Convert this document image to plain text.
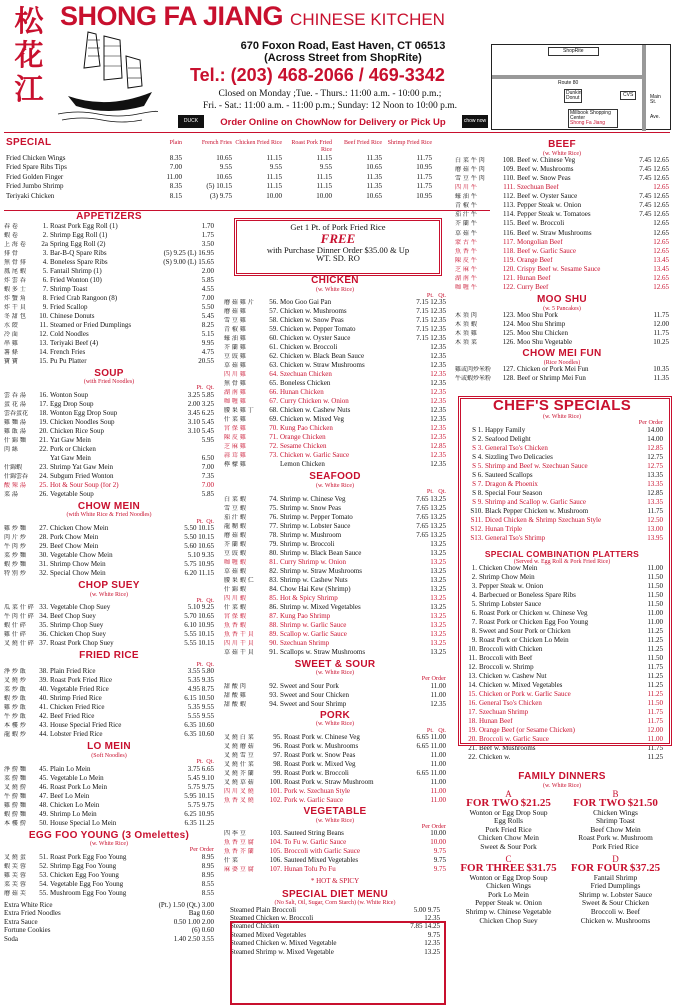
松
花
江
SHONG FA JIANG CHINESE KITCHEN
670 Foxon Road, East Haven, CT 06513
(Across Street from ShopRite)
Tel.: (203) 468-2066 / 469-3342
Closed on Monday ;Tue. - Thurs.: 11:00 a.m. - 10:00 p.m.;
Fri. - Sat.: 11:00 a.m. - 11:00 p.m.; Sunday: 12 Noon to 10:00 p.m.
DUCK	Order Online on ChowNow for Delivery or Pick Up	chow now
ShopRite
Route 80
Dunkin Donut	CVS
Millbook Shopping Center
Shong Fa Jiang
Main St.
Ave.
SPECIAL	Plain	French Fries Chicken Fried Rice	Roast Pork Fried Rice
Beef Fried Rice Shrimp Fried Rice
Fried Chicken Wings	8.35	10.65	11.15	11.15	11.35	11.75
Fried Spare Ribs Tips	7.00	9.55	9.55	9.55	10.65	10.95
Fried Golden Finger	11.00	10.65	11.15	11.15	11.35	11.75
Fried Jumbo Shrimp	8.35	(5) 10.15	11.15	11.15	11.35	11.75
Teriyaki Chicken	8.15	(3) 9.75	10.00	10.00	10.65	10.95
APPETIZERS
春 卷	1. Roast Pork Egg Roll (1)	1.70
蝦 卷	2. Shrimp Egg Roll (1)	1.75
上 海 卷	2a Spring Egg Roll (2)	3.50
排 骨	3. Bar-B-Q Spare Ribs	(5) 9.25 (L) 16.95
無 骨 排	4. Boneless Spare Ribs	(S) 9.00 (L) 15.65
鳳 尾 蝦	5. Fantail Shrimp (1)	2.00
炸 雲 吞	6. Fried Wonton (10)	5.85
蝦 多 士	7. Shrimp Toast	4.55
炸 蟹 角	8. Fried Crab Rangoon (8)	7.00
炸 干 貝	9. Fried Scallop	5.50
冬 甜 包	10. Chinese Donuts	5.45
水 餃	11. Steamed or Fried Dumplings	8.25
冷 面	12. Cold Noodles	5.15
串 雞	13. Teriyaki Beef (4)	9.95
薯 條	14. French Fries	4.75
寶 寶	15. Pu Pu Platter	20.55
SOUP
(with Fried Noodles)
Pt.  Qt.
雲 吞 湯	16. Wonton Soup	3.25 5.85
蛋 花 湯	17. Egg Drop Soup	2.00 3.25
雲吞蛋花	18. Wonton Egg Drop Soup	3.45 6.25
雞 麵 湯	19. Chicken Noodles Soup	3.10 5.45
雞 飯 湯	20. Chicken Rice Soup	3.10 5.45
什 錦 麵	21. Yat Gaw Mein	5.95
肉 絲	22. Pork or Chicken
Yat Gaw Mein	6.50
什錦蝦	23. Shrimp Yat Gaw Mein	7.00
什錦雲吞	24. Subgum Fried Wonton	7.35
酸 辣 湯	25. Hot & Sour Soup (for 2)	7.00
菜 湯	26. Vegetable Soup	5.85
CHOW MEIN
(with White Rice & Fried Noodles)
Pt.  Qt.
雞 炒 麵	27. Chicken Chow Mein	5.50 10.15
肉 片 炒	28. Pork Chow Mein	5.50 10.15
牛 肉 炒	29. Beef Chow Mein	5.60 10.65
菜 炒 麵	30. Vegetable Chow Mein	5.10 9.35
蝦 炒 麵	31. Shrimp Chow Mein	5.75 10.95
特 別 炒	32. Special Chow Mein	6.20 11.15
CHOP SUEY
(w. White Rice)
Pt.  Qt.
瓜 菜 什 碎 33. Vegetable Chop Suey	5.10 9.25
牛 肉 什 碎 34. Beef Chop Suey	5.70 10.65
蝦 什 碎	35. Shrimp Chop Suey	6.10 10.95
雞 什 碎	36. Chicken Chop Suey	5.55 10.15
叉 燒 什 碎 37. Roast Pork Chop Suey	5.55 10.15
FRIED RICE
Pt.  Qt.
淨 炒 飯	38. Plain Fried Rice	3.55 5.80
叉 燒 炒	39. Roast Pork Fried Rice	5.35 9.35
菜 炒 飯	40. Vegetable Fried Rice	4.95 8.75
蝦 炒 飯	40. Shrimp Fried Rice	6.15 10.50
雞 炒 飯	41. Chicken Fried Rice	5.35 9.55
牛 炒 飯	42. Beef Fried Rice	5.55 9.55
本 樓 炒	43. House Special Fried Rice	6.35 10.60
龍 蝦 炒	44. Lobster Fried Rice	6.35 10.60
LO MEIN
(Soft Noodles)
Pt.  Qt.
淨 撈 麵	45. Plain Lo Mein	3.75 6.65
菜 撈 麵	45. Vegetable Lo Mein	5.45 9.10
叉 燒 撈	46. Roast Pork Lo Mein	5.75 9.75
牛 撈 麵	47. Beef Lo Mein	5.95 10.15
雞 撈 麵	48. Chicken Lo Mein	5.75 9.75
蝦 撈 麵	49. Shrimp Lo Mein	6.25 10.95
本 樓 撈	50. House Special Lo Mein	6.35 11.25
EGG FOO YOUNG (3 Omelettes)
(w. White Rice)
Per Order
叉 燒 蛋	51. Roast Pork Egg Foo Young	8.95
蝦 芙 蓉	52. Shrimp Egg Foo Young	8.95
雞 芙 蓉	53. Chicken Egg Foo Young	8.95
菜 芙 蓉	54. Vegetable Egg Foo Young	8.55
蘑 菇 芙	55. Mushroom Egg Foo Young	8.55
Extra White Rice	(Pt.) 1.50 (Qt.) 3.00
Extra Fried Noodles	Bag 0.60
Extra Sauce	0.50 1.00 2.00
Fortune Cookies	(6) 0.60
Soda	1.40 2.50 3.55
CHICKEN
(w. White Rice)
Pt.   Qt.
蘑 菇 雞 片	56. Moo Goo Gai Pan	7.15 12.35
蘑 菇 雞	57. Chicken w. Mushrooms	7.15 12.35
雪 豆 雞	58. Chicken w. Snow Peas	7.15 12.35
青 椒 雞	59. Chicken w. Pepper Tomato	7.15 12.35
蠔 油 雞	60. Chicken w. Oyster Sauce	7.15 12.35
芥 蘭 雞	61. Chicken w. Broccoli	12.35
豆 豉 雞	62. Chicken w. Black Bean Sauce	12.35
草 菇 雞	63. Chicken w. Straw Mushrooms	12.35
四 川 雞	64. Szechuan Chicken	12.35
無 骨 雞	65. Boneless Chicken	12.35
湖 南 雞	66. Hunan Chicken	12.35
咖 喱 雞	67. Curry Chicken w. Onion	12.35
腰 果 雞 丁	68. Chicken w. Cashew Nuts	12.35
什 菜 雞	69. Chicken w. Mixed Veg	12.35
宮 保 雞	70. Kung Pao Chicken	12.35
陳 皮 雞	71. Orange Chicken	12.35
芝 麻 雞	72. Sesame Chicken	12.85
蒜 茸 雞	73. Chicken w. Garlic Sauce	12.35
檸 檬 雞	Lemon Chicken	12.35
SEAFOOD
(w. White Rice)
Pt.   Qt.
白 菜 蝦	74. Shrimp w. Chinese Veg	7.65 13.25
雪 豆 蝦	75. Shrimp w. Snow Peas	7.65 13.25
茄 汁 蝦	76. Shrimp w. Pepper Tomato	7.65 13.25
龍 糊 蝦	77. Shrimp w. Lobster Sauce	7.65 13.25
蘑 菇 蝦	78. Shrimp w. Mushroom	7.65 13.25
芥 蘭 蝦	79. Shrimp w. Broccoli	13.25
豆 豉 蝦	80. Shrimp w. Black Bean Sauce	13.25
咖 喱 蝦	81. Curry Shrimp w. Onion	13.25
草 菇 蝦	82. Shrimp w. Straw Mushrooms	13.25
腰 果 蝦 仁	83. Shrimp w. Cashew Nuts	13.25
什 錦 蝦	84. Chow Hai Kew (Shrimp)	13.25
四 川 蝦	85. Hot & Spicy Shrimp	13.25
什 菜 蝦	86. Shrimp w. Mixed Vegetables	13.25
宮 保 蝦	87. Kung Pao Shrimp	13.25
魚 香 蝦	88. Shrimp w. Garlic Sauce	13.25
魚 香 干 貝	89. Scallop w. Garlic Sauce	13.25
四 川 干 貝	90. Szechuan Shrimp	13.25
草 菇 干 貝	91. Scallops w. Straw Mushrooms	13.25
SWEET & SOUR
(w. White Rice)
Per Order
甜 酸 肉	92. Sweet and Sour Pork	11.00
甜 酸 雞	93. Sweet and Sour Chicken	11.00
甜 酸 蝦	94. Sweet and Sour Shrimp	12.35
PORK
(w. White Rice)
Pt.   Qt.
叉 燒 白 菜	95. Roast Pork w. Chinese Veg	6.65 11.00
叉 燒 蘑 菇	96. Roast Pork w. Mushrooms	6.65 11.00
叉 燒 雪 豆	97. Roast Pork w. Snow Peas	11.00
叉 燒 什 菜	98. Roast Pork w. Mixed Veg	11.00
叉 燒 芥 蘭	99. Roast Pork w. Broccoli	6.65 11.00
叉 燒 草 菇	100. Roast Pork w. Straw Mushroom	11.00
四 川 叉 燒	101. Pork w. Szechuan Style	11.00
魚 香 叉 燒	102. Pork w. Garlic Sauce	11.00
VEGETABLE
(w. White Rice)
Per Order
四 季 豆	103. Sauteed String Beans	10.00
魚 香 豆 腐	104. To Fu w. Garlic Sauce	10.00
魚 香 芥 蘭	105. Broccoli with Garlic Sauce	9.75
什 菜	106. Sauteed Mixed Vegetables	9.75
麻 婆 豆 腐	107. Hunan Tofu Po Fu	9.75
* HOT & SPICY
SPECIAL DIET MENU
(No Salt, Oil, Sugar, Corn Starch) (w. White Rice)
Steamed Plain Broccoli	5.00 9.75
Steamed Chicken w. Broccoli	12.35
Steamed Chicken	7.85 14.25
Steamed Mixed Vegetables	9.75
Steamed Chicken w. Mixed Vegetable	12.35
Steamed Shrimp w. Mixed Vegetable	13.25
BEEF
(w. White Rice)
白 菜 牛 肉	108. Beef w. Chinese Veg	7.45 12.65
蘑 菇 牛 肉	109. Beef w. Mushrooms	7.45 12.65
雪 豆 牛 肉	110. Beef w. Snow Peas	7.45 12.65
四 川 牛	111. Szechuan Beef	12.65
蠔 油 牛	112. Beef w. Oyster Sauce	7.45 12.65
青 椒 牛	113. Pepper Steak w. Onion	7.45 12.65
茄 汁 牛	114. Pepper Steak w. Tomatoes	7.45 12.65
芥 蘭 牛	115. Beef w. Broccoli	12.65
草 菇 牛	116. Beef w. Straw Mushrooms	12.65
蒙 古 牛	117. Mongolian Beef	12.65
魚 香 牛	118. Beef w. Garlic Sauce	12.65
陳 皮 牛	119. Orange Beef	13.45
芝 麻 牛	120. Crispy Beef w. Sesame Sauce	13.45
湖 南 牛	121. Hunan Beef	12.65
咖 喱 牛	122. Curry Beef	12.65
MOO SHU
(w. 5 Pancakes)
木 須 肉	123. Moo Shu Pork	11.75
木 須 蝦	124. Moo Shu Shrimp	12.00
木 須 雞	125. Moo Shu Chicken	11.75
木 須 菜	126. Moo Shu Vegetable	10.25
CHOW MEI FUN
(Rice Noodles)
雞或肉炒米粉	127. Chicken or Pork Mei Fun	10.35
牛或蝦炒米粉	128. Beef or Shrimp Mei Fun	11.35
CHEF'S SPECIALS
(w. White Rice)
Per Order
S 1. Happy Family	14.00
S 2. Seafood Delight	14.00
S 3. General Tso's Chicken	12.85
S 4. Sizzling Two Delicacies	12.75
S 5. Shrimp and Beef w. Szechuan Sauce	12.75
S 6. Sauteed Scallops	13.35
S 7. Dragon & Phoenix	13.35
S 8. Special Four Season	12.85
S 9. Shrimp and Scallop w. Garlic Sauce	13.35
S10. Black Pepper Chicken w. Mushroom	11.75
S11. Diced Chicken & Shrimp Szechuan Style	12.50
S12. Hunan Triple	13.00
S13. General Tso's Shrimp	13.95
SPECIAL COMBINATION PLATTERS
(Served w. Egg Roll & Pork Fried Rice)
1. Chicken Chow Mein	11.00
2. Shrimp Chow Mein	11.50
3. Pepper Steak w. Onion	11.50
4. Barbecued or Boneless Spare Ribs	11.50
5. Shrimp Lobster Sauce	11.50
6. Roast Pork or Chicken w. Chinese Veg	11.00
7. Roast Pork or Chicken Egg Foo Young	11.00
8. Sweet and Sour Pork or Chicken	11.25
9. Roast Pork or Chicken Lo Mein	11.25
10. Broccoli with Chicken	11.25
11. Broccoli with Beef	11.50
12. Broccoli w. Shrimp	11.75
13. Chicken w. Cashew Nut	11.25
14. Chicken w. Mixed Vegetables	11.25
15. Chicken or Pork w. Garlic Sauce	11.25
16. General Tso's Chicken	11.50
17. Szechuan Shrimp	11.75
18. Hunan Beef	11.75
19. Orange Beef (or Sesame Chicken)	12.00
20. Broccoli w. Garlic Sauce	11.00
21. Beef w. Mushrooms	11.75
22. Chicken w.	11.25
FAMILY DINNERS
(w. White Rice)
A
FOR TWO $21.25
Wonton or Egg Drop Soup
Egg Rolls
Pork Fried Rice
Chicken Chow Mein
Sweet & Sour Pork
B
FOR TWO $21.50
Chicken Wings
Shrimp Toast
Beef Chow Mein
Roast Pork w. Mushroom
Pork Fried Rice
C
FOR THREE $31.75
Wonton or Egg Drop Soup
Chicken Wings
Pork Lo Mein
Pepper Steak w. Onion
Shrimp w. Chinese Vegetable
Chicken Chop Suey
D
FOR FOUR $37.25
Fantail Shrimp
Fried Dumplings
Shrimp w. Lobster Sauce
Sweet & Sour Chicken
Broccoli w. Beef
Chicken w. Mushrooms
Get 1 Pt. of Pork Fried Rice
FREE
with Purchase Dinner Order $35.00 & Up
WT. SD. RO
